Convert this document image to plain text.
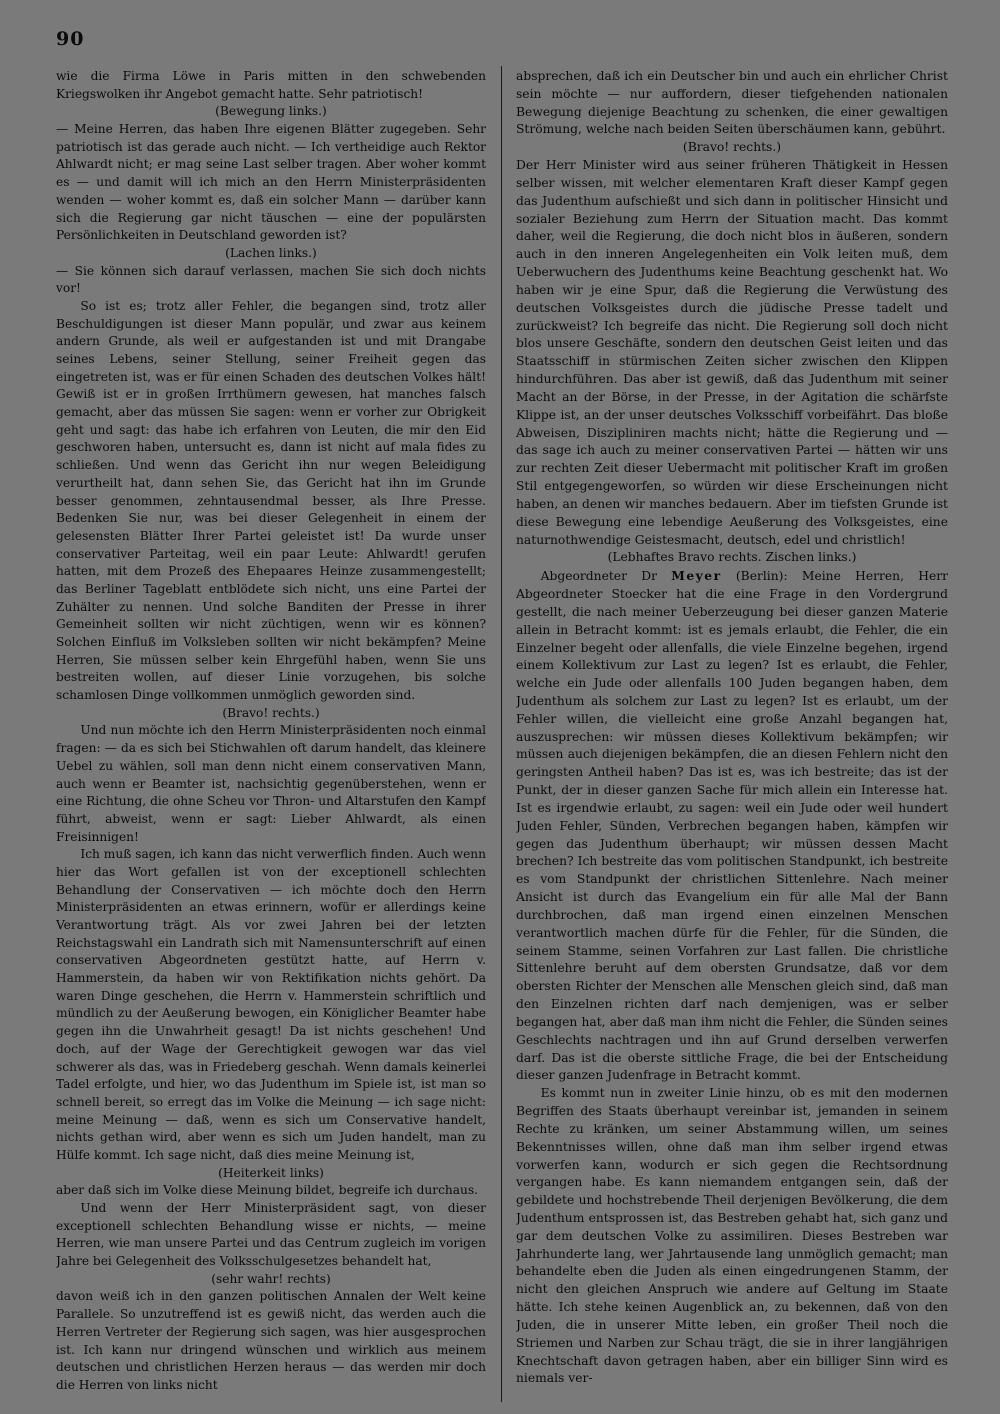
90

wie die Firma Löwe in Paris mitten in den schwebenden Kriegswolken ihr Angebot gemacht hatte. Sehr patriotisch!

(Bewegung links.)

— Meine Herren, das haben Ihre eigenen Blätter zugegeben. Sehr patriotisch ist das gerade auch nicht. — Ich vertheidige auch Rektor Ahlwardt nicht; er mag seine Last selber tragen. Aber woher kommt es — und damit will ich mich an den Herrn Ministerpräsidenten wenden — woher kommt es, daß ein solcher Mann — darüber kann sich die Regierung gar nicht täuschen — eine der populärsten Persönlichkeiten in Deutschland geworden ist?

(Lachen links.)

— Sie können sich darauf verlassen, machen Sie sich doch nichts vor!

So ist es; trotz aller Fehler, die begangen sind, trotz aller Beschuldigungen ist dieser Mann populär, und zwar aus keinem andern Grunde, als weil er aufgestanden ist und mit Drangabe seines Lebens, seiner Stellung, seiner Freiheit gegen das eingetreten ist, was er für einen Schaden des deutschen Volkes hält! Gewiß ist er in großen Irrthümern gewesen, hat manches falsch gemacht, aber das müssen Sie sagen: wenn er vorher zur Obrigkeit geht und sagt: das habe ich erfahren von Leuten, die mir den Eid geschworen haben, untersucht es, dann ist nicht auf mala fides zu schließen. Und wenn das Gericht ihn nur wegen Beleidigung verurtheilt hat, dann sehen Sie, das Gericht hat ihn im Grunde besser genommen, zehntausendmal besser, als Ihre Presse. Bedenken Sie nur, was bei dieser Gelegenheit in einem der gelesensten Blätter Ihrer Partei geleistet ist! Da wurde unser conservativer Parteitag, weil ein paar Leute: Ahlwardt! gerufen hatten, mit dem Prozeß des Ehepaares Heinze zusammengestellt; das Berliner Tageblatt entblödete sich nicht, uns eine Partei der Zuhälter zu nennen. Und solche Banditen der Presse in ihrer Gemeinheit sollten wir nicht züchtigen, wenn wir es können? Solchen Einfluß im Volksleben sollten wir nicht bekämpfen? Meine Herren, Sie müssen selber kein Ehrgefühl haben, wenn Sie uns bestreiten wollen, auf dieser Linie vorzugehen, bis solche schamlosen Dinge vollkommen unmöglich geworden sind.

(Bravo! rechts.)

Und nun möchte ich den Herrn Ministerpräsidenten noch einmal fragen: — da es sich bei Stichwahlen oft darum handelt, das kleinere Uebel zu wählen, soll man denn nicht einem conservativen Mann, auch wenn er Beamter ist, nachsichtig gegenüberstehen, wenn er eine Richtung, die ohne Scheu vor Thron- und Altarstufen den Kampf führt, abweist, wenn er sagt: Lieber Ahlwardt, als einen Freisinnigen!

Ich muß sagen, ich kann das nicht verwerflich finden. Auch wenn hier das Wort gefallen ist von der exceptionell schlechten Behandlung der Conservativen — ich möchte doch den Herrn Ministerpräsidenten an etwas erinnern, wofür er allerdings keine Verantwortung trägt. Als vor zwei Jahren bei der letzten Reichstagswahl ein Landrath sich mit Namensunterschrift auf einen conservativen Abgeordneten gestützt hatte, auf Herrn v. Hammerstein, da haben wir von Rektifikation nichts gehört. Da waren Dinge geschehen, die Herrn v. Hammerstein schriftlich und mündlich zu der Aeußerung bewogen, ein Königlicher Beamter habe gegen ihn die Unwahrheit gesagt! Da ist nichts geschehen! Und doch, auf der Wage der Gerechtigkeit gewogen war das viel schwerer als das, was in Friedeberg geschah. Wenn damals keinerlei Tadel erfolgte, und hier, wo das Judenthum im Spiele ist, ist man so schnell bereit, so erregt das im Volke die Meinung — ich sage nicht: meine Meinung — daß, wenn es sich um Conservative handelt, nichts gethan wird, aber wenn es sich um Juden handelt, man zu Hülfe kommt. Ich sage nicht, daß dies meine Meinung ist,

(Heiterkeit links)

aber daß sich im Volke diese Meinung bildet, begreife ich durchaus.

Und wenn der Herr Ministerpräsident sagt, von dieser exceptionell schlechten Behandlung wisse er nichts, — meine Herren, wie man unsere Partei und das Centrum zugleich im vorigen Jahre bei Gelegenheit des Volksschulgesetzes behandelt hat,

(sehr wahr! rechts)

davon weiß ich in den ganzen politischen Annalen der Welt keine Parallele. So unzutreffend ist es gewiß nicht, das werden auch die Herren Vertreter der Regierung sich sagen, was hier ausgesprochen ist. Ich kann nur dringend wünschen und wirklich aus meinem deutschen und christlichen Herzen heraus — das werden mir doch die Herren von links nicht

absprechen, daß ich ein Deutscher bin und auch ein ehrlicher Christ sein möchte — nur auffordern, dieser tiefgehenden nationalen Bewegung diejenige Beachtung zu schenken, die einer gewaltigen Strömung, welche nach beiden Seiten überschäumen kann, gebührt.

(Bravo! rechts.)

Der Herr Minister wird aus seiner früheren Thätigkeit in Hessen selber wissen, mit welcher elementaren Kraft dieser Kampf gegen das Judenthum aufschießt und sich dann in politischer Hinsicht und sozialer Beziehung zum Herrn der Situation macht. Das kommt daher, weil die Regierung, die doch nicht blos in äußeren, sondern auch in den inneren Angelegenheiten ein Volk leiten muß, dem Ueberwuchern des Judenthums keine Beachtung geschenkt hat. Wo haben wir je eine Spur, daß die Regierung die Verwüstung des deutschen Volksgeistes durch die jüdische Presse tadelt und zurückweist? Ich begreife das nicht. Die Regierung soll doch nicht blos unsere Geschäfte, sondern den deutschen Geist leiten und das Staatsschiff in stürmischen Zeiten sicher zwischen den Klippen hindurchführen. Das aber ist gewiß, daß das Judenthum mit seiner Macht an der Börse, in der Presse, in der Agitation die schärfste Klippe ist, an der unser deutsches Volksschiff vorbeifährt. Das bloße Abweisen, Diszipliniren machts nicht; hätte die Regierung und — das sage ich auch zu meiner conservativen Partei — hätten wir uns zur rechten Zeit dieser Uebermacht mit politischer Kraft im großen Stil entgegengeworfen, so würden wir diese Erscheinungen nicht haben, an denen wir manches bedauern. Aber im tiefsten Grunde ist diese Bewegung eine lebendige Aeußerung des Volksgeistes, eine naturnothwendige Geistesmacht, deutsch, edel und christlich!

(Lebhaftes Bravo rechts. Zischen links.)

Abgeordneter Dr Meyer (Berlin): Meine Herren, Herr Abgeordneter Stoecker hat die eine Frage in den Vordergrund gestellt, die nach meiner Ueberzeugung bei dieser ganzen Materie allein in Betracht kommt: ist es jemals erlaubt, die Fehler, die ein Einzelner begeht oder allenfalls, die viele Einzelne begehen, irgend einem Kollektivum zur Last zu legen? Ist es erlaubt, die Fehler, welche ein Jude oder allenfalls 100 Juden begangen haben, dem Judenthum als solchem zur Last zu legen? Ist es erlaubt, um der Fehler willen, die vielleicht eine große Anzahl begangen hat, auszusprechen: wir müssen dieses Kollektivum bekämpfen; wir müssen auch diejenigen bekämpfen, die an diesen Fehlern nicht den geringsten Antheil haben? Das ist es, was ich bestreite; das ist der Punkt, der in dieser ganzen Sache für mich allein ein Interesse hat. Ist es irgendwie erlaubt, zu sagen: weil ein Jude oder weil hundert Juden Fehler, Sünden, Verbrechen begangen haben, kämpfen wir gegen das Judenthum überhaupt; wir müssen dessen Macht brechen? Ich bestreite das vom politischen Standpunkt, ich bestreite es vom Standpunkt der christlichen Sittenlehre. Nach meiner Ansicht ist durch das Evangelium ein für alle Mal der Bann durchbrochen, daß man irgend einen einzelnen Menschen verantwortlich machen dürfe für die Fehler, für die Sünden, die seinem Stamme, seinen Vorfahren zur Last fallen. Die christliche Sittenlehre beruht auf dem obersten Grundsatze, daß vor dem obersten Richter der Menschen alle Menschen gleich sind, daß man den Einzelnen richten darf nach demjenigen, was er selber begangen hat, aber daß man ihm nicht die Fehler, die Sünden seines Geschlechts nachtragen und ihn auf Grund derselben verwerfen darf. Das ist die oberste sittliche Frage, die bei der Entscheidung dieser ganzen Judenfrage in Betracht kommt.

Es kommt nun in zweiter Linie hinzu, ob es mit den modernen Begriffen des Staats überhaupt vereinbar ist, jemanden in seinem Rechte zu kränken, um seiner Abstammung willen, um seines Bekenntnisses willen, ohne daß man ihm selber irgend etwas vorwerfen kann, wodurch er sich gegen die Rechtsordnung vergangen habe. Es kann niemandem entgangen sein, daß der gebildete und hochstrebende Theil derjenigen Bevölkerung, die dem Judenthum entsprossen ist, das Bestreben gehabt hat, sich ganz und gar dem deutschen Volke zu assimiliren. Dieses Bestreben war Jahrhunderte lang, wer Jahrtausende lang unmöglich gemacht; man behandelte eben die Juden als einen eingedrungenen Stamm, der nicht den gleichen Anspruch wie andere auf Geltung im Staate hätte. Ich stehe keinen Augenblick an, zu bekennen, daß von den Juden, die in unserer Mitte leben, ein großer Theil noch die Striemen und Narben zur Schau trägt, die sie in ihrer langjährigen Knechtschaft davon getragen haben, aber ein billiger Sinn wird es niemals ver-
